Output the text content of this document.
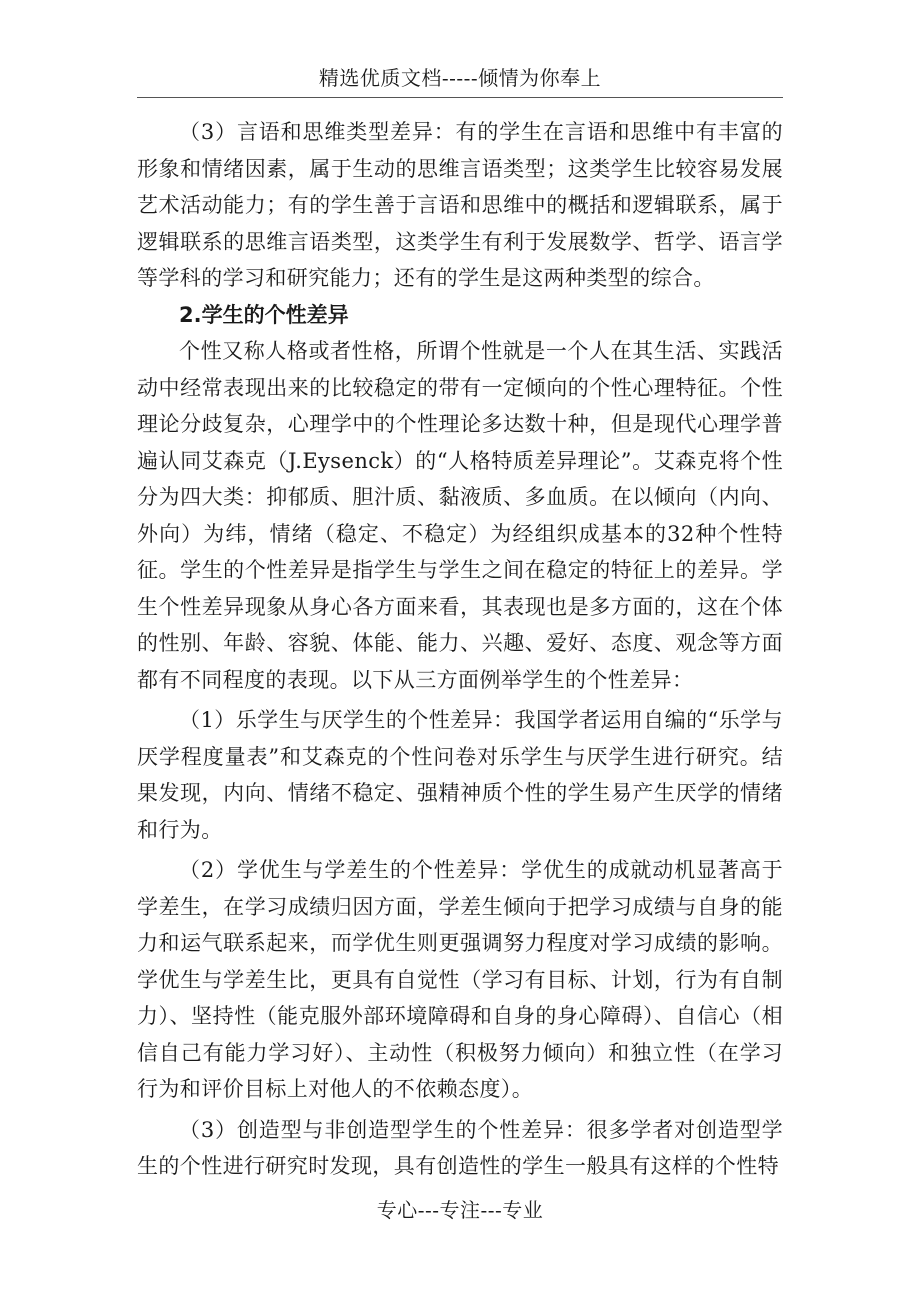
精选优质文档-----倾情为你奉上

（3）言语和思维类型差异：有的学生在言语和思维中有丰富的形象和情绪因素，属于生动的思维言语类型；这类学生比较容易发展艺术活动能力；有的学生善于言语和思维中的概括和逻辑联系，属于逻辑联系的思维言语类型，这类学生有利于发展数学、哲学、语言学等学科的学习和研究能力；还有的学生是这两种类型的综合。

2.学生的个性差异

个性又称人格或者性格，所谓个性就是一个人在其生活、实践活动中经常表现出来的比较稳定的带有一定倾向的个性心理特征。个性理论分歧复杂，心理学中的个性理论多达数十种，但是现代心理学普遍认同艾森克（J.Eysenck）的“人格特质差异理论”。艾森克将个性分为四大类：抑郁质、胆汁质、黏液质、多血质。在以倾向（内向、外向）为纬，情绪（稳定、不稳定）为经组织成基本的32种个性特征。学生的个性差异是指学生与学生之间在稳定的特征上的差异。学生个性差异现象从身心各方面来看，其表现也是多方面的，这在个体的性别、年龄、容貌、体能、能力、兴趣、爱好、态度、观念等方面都有不同程度的表现。以下从三方面例举学生的个性差异：

（1）乐学生与厌学生的个性差异：我国学者运用自编的“乐学与厌学程度量表”和艾森克的个性问卷对乐学生与厌学生进行研究。结果发现，内向、情绪不稳定、强精神质个性的学生易产生厌学的情绪和行为。

（2）学优生与学差生的个性差异：学优生的成就动机显著高于学差生，在学习成绩归因方面，学差生倾向于把学习成绩与自身的能力和运气联系起来，而学优生则更强调努力程度对学习成绩的影响。学优生与学差生比，更具有自觉性（学习有目标、计划，行为有自制力）、坚持性（能克服外部环境障碍和自身的身心障碍）、自信心（相信自己有能力学习好）、主动性（积极努力倾向）和独立性（在学习行为和评价目标上对他人的不依赖态度）。

（3）创造型与非创造型学生的个性差异：很多学者对创造型学生的个性进行研究时发现，具有创造性的学生一般具有这样的个性特

专心---专注---专业
